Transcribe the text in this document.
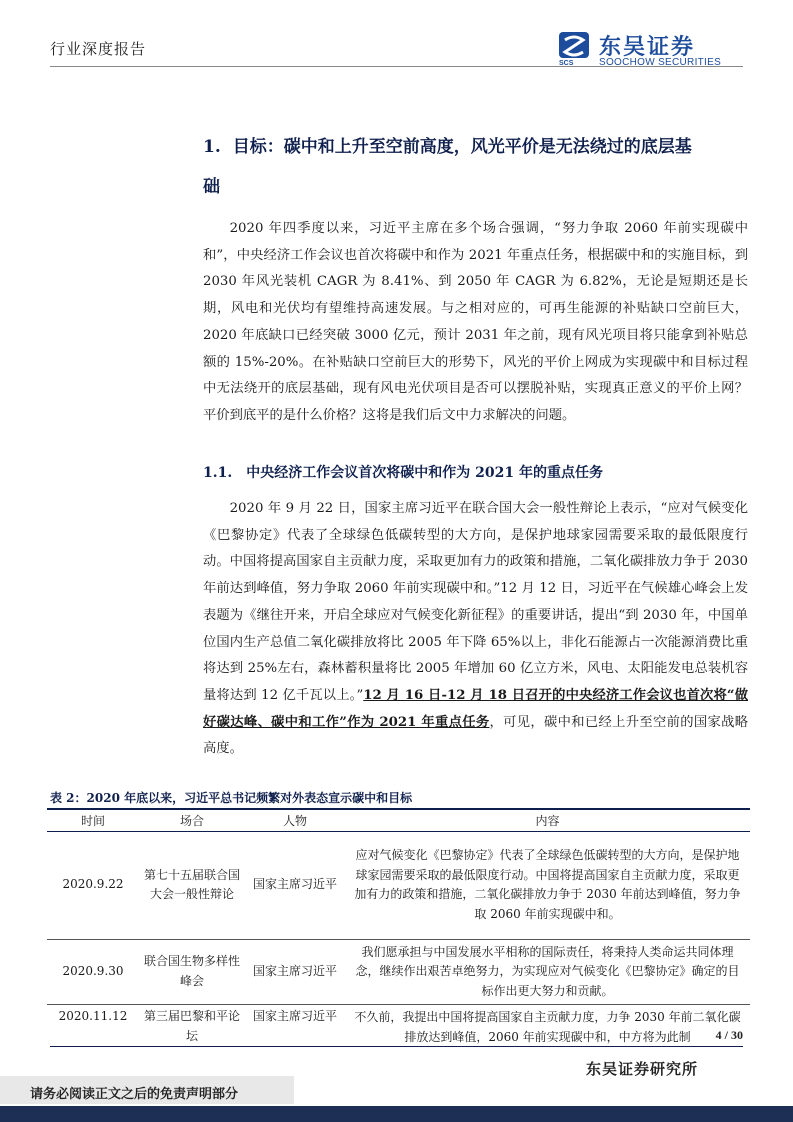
行业深度报告
SCS
东吴证券
SOOCHOW SECURITIES
1. 目标：碳中和上升至空前高度，风光平价是无法绕过的底层基
础

2020 年四季度以来，习近平主席在多个场合强调，“努力争取 2060 年前实现碳中和”，中央经济工作会议也首次将碳中和作为 2021 年重点任务，根据碳中和的实施目标，到 2030 年风光装机 CAGR 为 8.41%、到 2050 年 CAGR 为 6.82%，无论是短期还是长期，风电和光伏均有望维持高速发展。与之相对应的，可再生能源的补贴缺口空前巨大，2020 年底缺口已经突破 3000 亿元，预计 2031 年之前，现有风光项目将只能拿到补贴总额的 15%-20%。在补贴缺口空前巨大的形势下，风光的平价上网成为实现碳中和目标过程中无法绕开的底层基础，现有风电光伏项目是否可以摆脱补贴，实现真正意义的平价上网？平价到底平的是什么价格？这将是我们后文中力求解决的问题。

1.1. 中央经济工作会议首次将碳中和作为 2021 年的重点任务

2020 年 9 月 22 日，国家主席习近平在联合国大会一般性辩论上表示，“应对气候变化《巴黎协定》代表了全球绿色低碳转型的大方向，是保护地球家园需要采取的最低限度行动。中国将提高国家自主贡献力度，采取更加有力的政策和措施，二氧化碳排放力争于 2030 年前达到峰值，努力争取 2060 年前实现碳中和。”12 月 12 日，习近平在气候雄心峰会上发表题为《继往开来，开启全球应对气候变化新征程》的重要讲话，提出“到 2030 年，中国单位国内生产总值二氧化碳排放将比 2005 年下降 65%以上，非化石能源占一次能源消费比重将达到 25%左右，森林蓄积量将比 2005 年增加 60 亿立方米，风电、太阳能发电总装机容量将达到 12 亿千瓦以上。”12 月 16 日-12 月 18 日召开的中央经济工作会议也首次将“做好碳达峰、碳中和工作”作为 2021 年重点任务，可见，碳中和已经上升至空前的国家战略高度。

表 2：2020 年底以来，习近平总书记频繁对外表态宣示碳中和目标
时间	场合	人物	内容
2020.9.22	第七十五届联合国大会一般性辩论	国家主席习近平	应对气候变化《巴黎协定》代表了全球绿色低碳转型的大方向，是保护地球家园需要采取的最低限度行动。中国将提高国家自主贡献力度，采取更加有力的政策和措施，二氧化碳排放力争于 2030 年前达到峰值，努力争取 2060 年前实现碳中和。
2020.9.30	联合国生物多样性峰会	国家主席习近平	我们愿承担与中国发展水平相称的国际责任，将秉持人类命运共同体理念，继续作出艰苦卓绝努力，为实现应对气候变化《巴黎协定》确定的目标作出更大努力和贡献。
2020.11.12	第三届巴黎和平论坛	国家主席习近平	不久前，我提出中国将提高国家自主贡献力度，力争 2030 年前二氧化碳排放达到峰值，2060 年前实现碳中和，中方将为此制 4 / 30
东吴证券研究所
请务必阅读正文之后的免责声明部分
